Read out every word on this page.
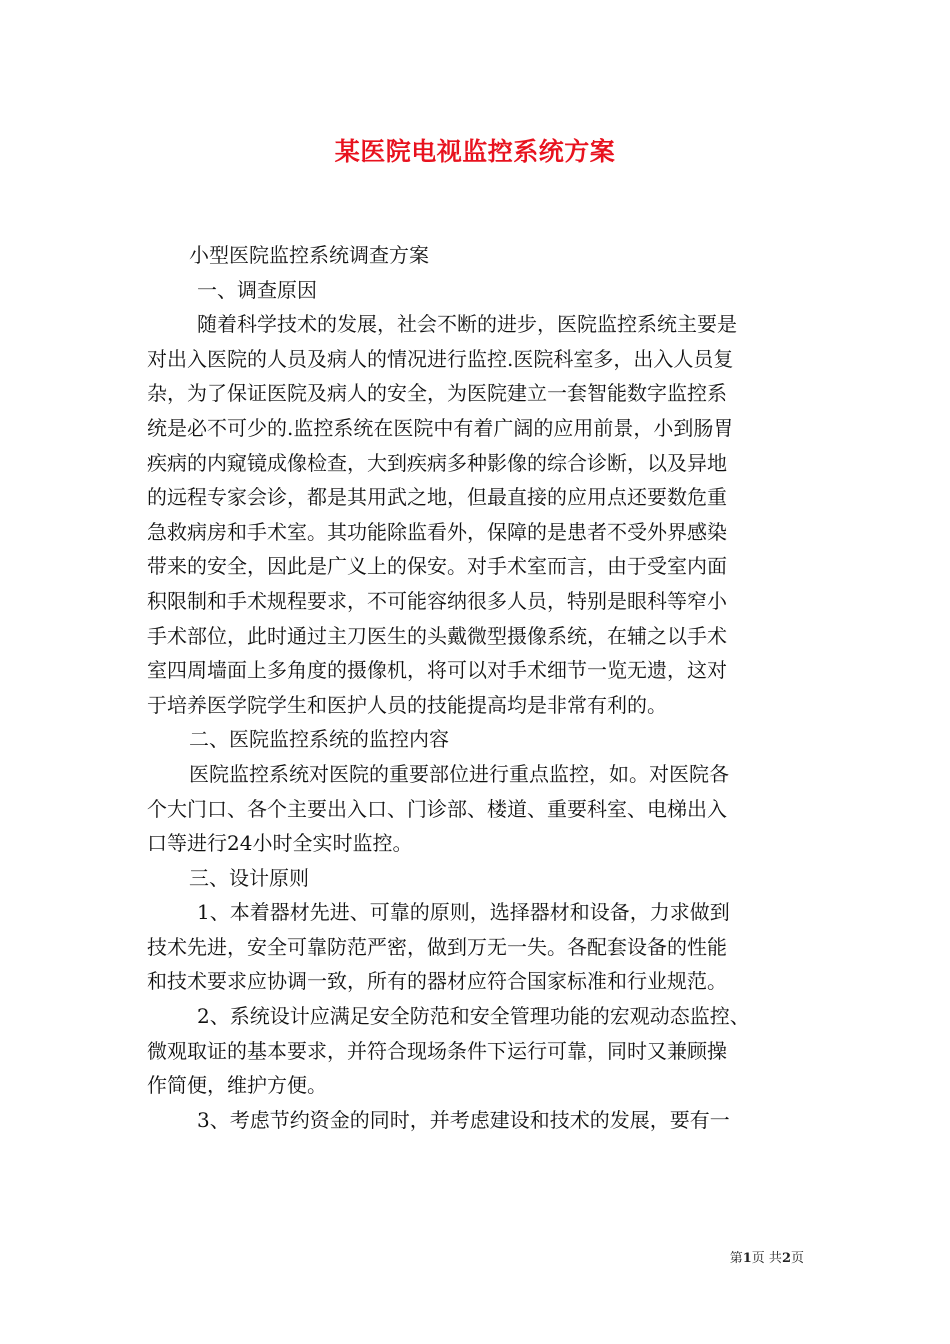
某医院电视监控系统方案
小型医院监控系统调查方案
一、调查原因
随着科学技术的发展，社会不断的进步，医院监控系统主要是
对出入医院的人员及病人的情况进行监控.医院科室多，出入人员复
杂，为了保证医院及病人的安全，为医院建立一套智能数字监控系
统是必不可少的.监控系统在医院中有着广阔的应用前景，小到肠胃
疾病的内窥镜成像检查，大到疾病多种影像的综合诊断，以及异地
的远程专家会诊，都是其用武之地，但最直接的应用点还要数危重
急救病房和手术室。其功能除监看外，保障的是患者不受外界感染
带来的安全，因此是广义上的保安。对手术室而言，由于受室内面
积限制和手术规程要求，不可能容纳很多人员，特别是眼科等窄小
手术部位，此时通过主刀医生的头戴微型摄像系统，在辅之以手术
室四周墙面上多角度的摄像机，将可以对手术细节一览无遗，这对
于培养医学院学生和医护人员的技能提高均是非常有利的。
二、医院监控系统的监控内容
医院监控系统对医院的重要部位进行重点监控，如。对医院各
个大门口、各个主要出入口、门诊部、楼道、重要科室、电梯出入
口等进行24小时全实时监控。
三、设计原则
1、本着器材先进、可靠的原则，选择器材和设备，力求做到
技术先进，安全可靠防范严密，做到万无一失。各配套设备的性能
和技术要求应协调一致，所有的器材应符合国家标准和行业规范。
2、系统设计应满足安全防范和安全管理功能的宏观动态监控、
微观取证的基本要求，并符合现场条件下运行可靠，同时又兼顾操
作简便，维护方便。
3、考虑节约资金的同时，并考虑建设和技术的发展，要有一
第1页 共2页
